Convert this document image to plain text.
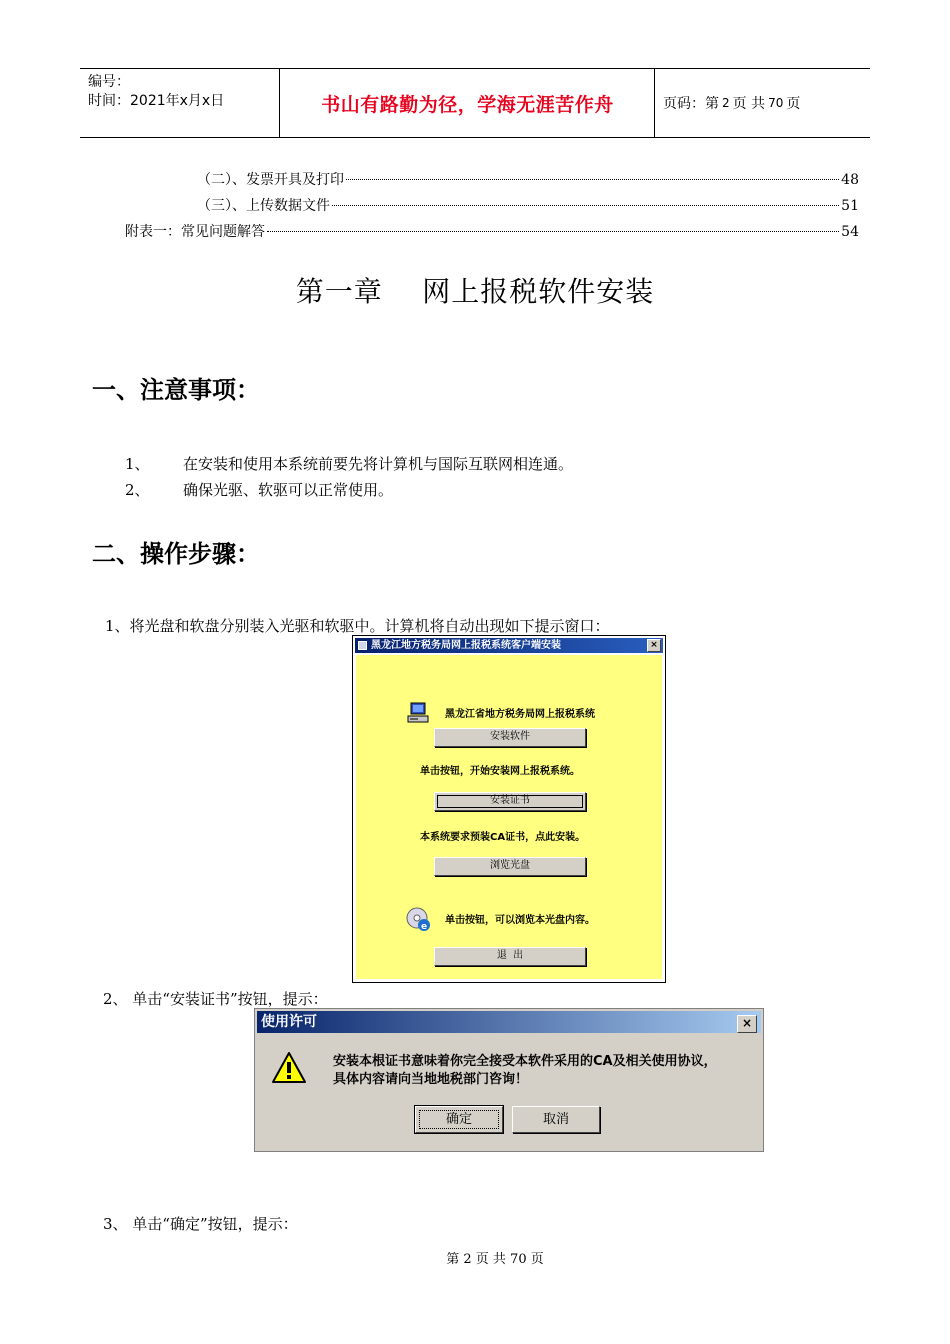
编号：
时间：2021年x月x日	书山有路勤为径，学海无涯苦作舟	页码：第 2 页 共 70 页
（二）、发票开具及打印	48
（三）、上传数据文件	51
附表一：常见问题解答	54
第一章    网上报税软件安装
一、注意事项：
1、 在安装和使用本系统前要先将计算机与国际互联网相连通。
2、 确保光驱、软驱可以正常使用。
二、操作步骤：
1、将光盘和软盘分别装入光驱和软驱中。计算机将自动出现如下提示窗口：
黑龙江地方税务局网上报税系统客户端安装	×
黑龙江省地方税务局网上报税系统
安装软件
单击按钮，开始安装网上报税系统。
安装证书
本系统要求预装CA证书，点此安装。
浏览光盘
e
单击按钮，可以浏览本光盘内容。
退  出
2、 单击“安装证书”按钮，提示：
使用许可	×
安装本根证书意味着你完全接受本软件采用的CA及相关使用协议，
具体内容请向当地地税部门咨询！
确定	取消
3、 单击“确定”按钮，提示：
第 2 页 共 70 页
